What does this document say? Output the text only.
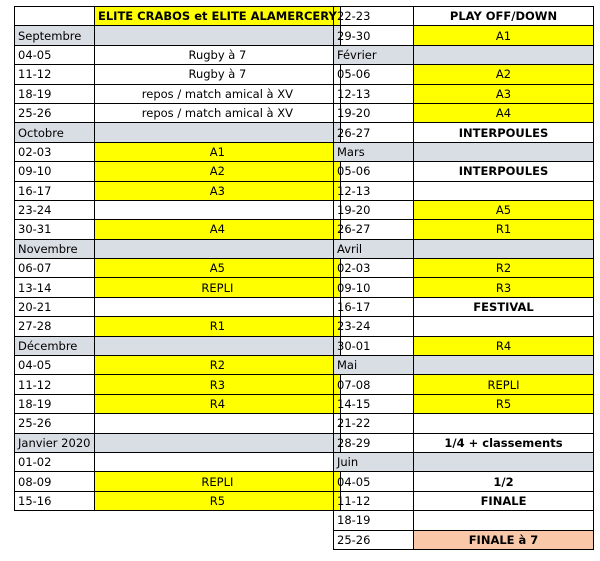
	ELITE CRABOS et ELITE ALAMERCERY
Septembre	
04-05	Rugby à 7
11-12	Rugby à 7
18-19	repos / match amical à XV
25-26	repos / match amical à XV
Octobre	
02-03	A1
09-10	A2
16-17	A3
23-24	
30-31	A4
Novembre	
06-07	A5
13-14	REPLI
20-21	
27-28	R1
Décembre	
04-05	R2
11-12	R3
18-19	R4
25-26	
Janvier 2020	
01-02	
08-09	REPLI
15-16	R5
22-23	PLAY OFF/DOWN
29-30	A1
Février	
05-06	A2
12-13	A3
19-20	A4
26-27	INTERPOULES
Mars	
05-06	INTERPOULES
12-13	
19-20	A5
26-27	R1
Avril	
02-03	R2
09-10	R3
16-17	FESTIVAL
23-24	
30-01	R4
Mai	
07-08	REPLI
14-15	R5
21-22	
28-29	1/4 + classements
Juin	
04-05	1/2
11-12	FINALE
18-19	
25-26	FINALE à 7
